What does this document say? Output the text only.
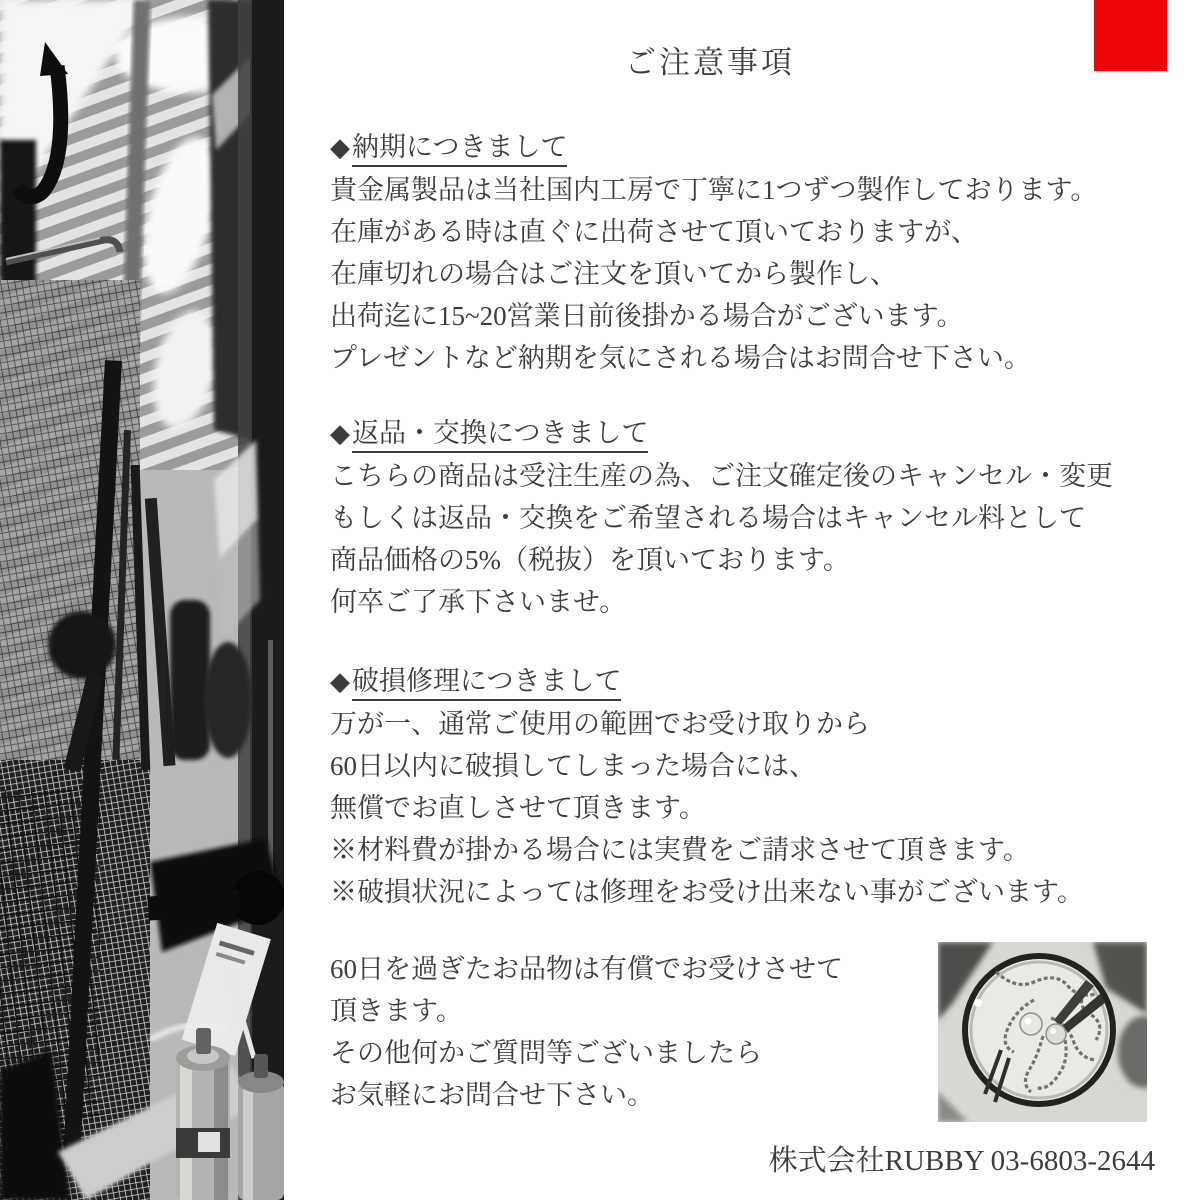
ご注意事項
◆納期につきまして
貴金属製品は当社国内工房で丁寧に1つずつ製作しております。
在庫がある時は直ぐに出荷させて頂いておりますが、
在庫切れの場合はご注文を頂いてから製作し、
出荷迄に15~20営業日前後掛かる場合がございます。
プレゼントなど納期を気にされる場合はお問合せ下さい。
◆返品・交換につきまして
こちらの商品は受注生産の為、ご注文確定後のキャンセル・変更
もしくは返品・交換をご希望される場合はキャンセル料として
商品価格の5%（税抜）を頂いております。
何卒ご了承下さいませ。
◆破損修理につきまして
万が一、通常ご使用の範囲でお受け取りから
60日以内に破損してしまった場合には、
無償でお直しさせて頂きます。
※材料費が掛かる場合には実費をご請求させて頂きます。
※破損状況によっては修理をお受け出来ない事がございます。
60日を過ぎたお品物は有償でお受けさせて
頂きます。
その他何かご質問等ございましたら
お気軽にお問合せ下さい。
株式会社RUBBY 03-6803-2644
